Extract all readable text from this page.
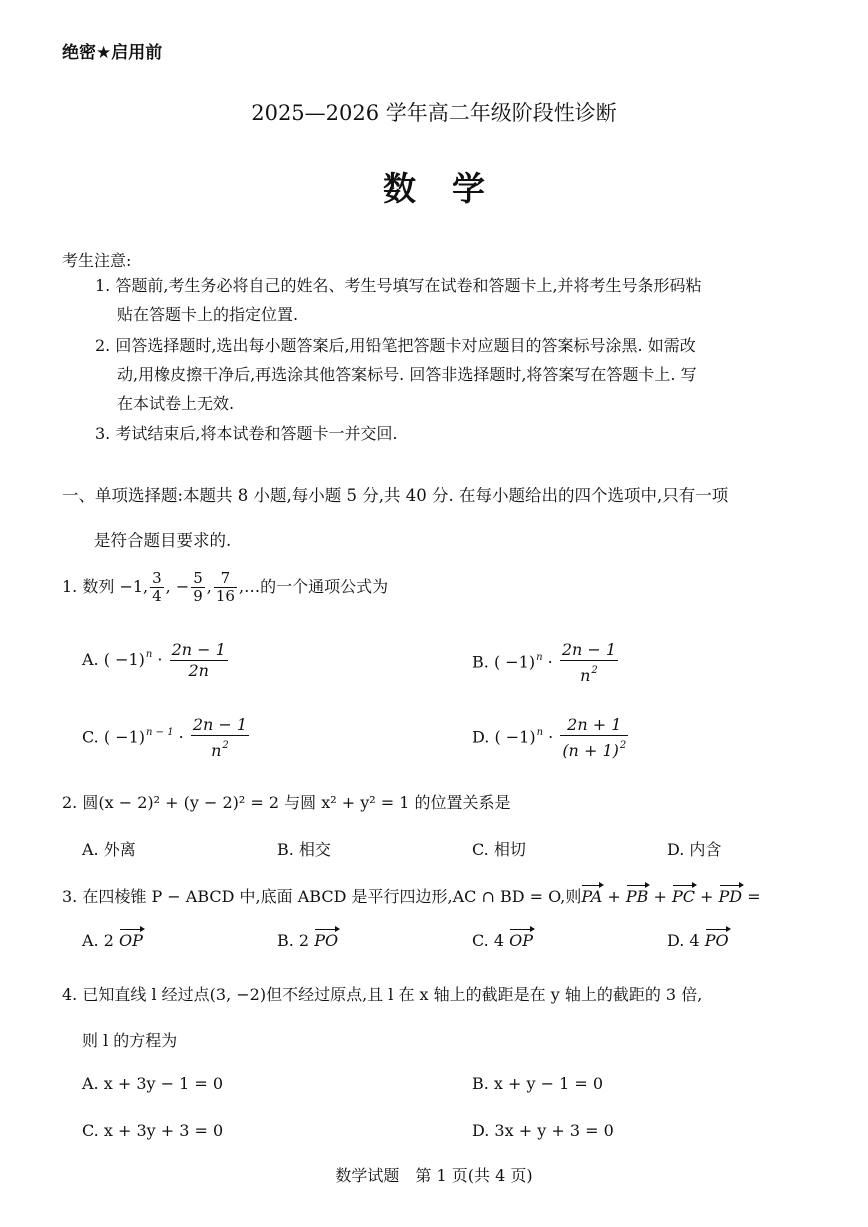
绝密★启用前
2025—2026 学年高二年级阶段性诊断
数学
考生注意:
1. 答题前,考生务必将自己的姓名、考生号填写在试卷和答题卡上,并将考生号条形码粘
贴在答题卡上的指定位置.
2. 回答选择题时,选出每小题答案后,用铅笔把答题卡对应题目的答案标号涂黑. 如需改
动,用橡皮擦干净后,再选涂其他答案标号. 回答非选择题时,将答案写在答题卡上. 写
在本试卷上无效.
3. 考试结束后,将本试卷和答题卡一并交回.
一、单项选择题:本题共 8 小题,每小题 5 分,共 40 分. 在每小题给出的四个选项中,只有一项
是符合题目要求的.
1. 数列 −1, $\frac{3}{4}$ , − $\frac{5}{9}$ , $\frac{7}{16}$ ,…的一个通项公式为
A. ( $-1)^n \cdot \frac{2n - 1}{2n}$	B. ( $-1)^n \cdot \frac{2n - 1}{n^2}$
C. ( $-1)^{n - 1} \cdot \frac{2n - 1}{n^2}$	D. ( $-1)^n \cdot \frac{2n + 1}{(n + 1)^2}$
2. 圆(x − 2)² + (y − 2)² = 2 与圆 x² + y² = 1 的位置关系是
A. 外离	B. 相交	C. 相切	D. 内含
3. 在四棱锥 P − ABCD 中,底面 ABCD 是平行四边形,AC ∩ BD = O,则PA + PB + PC + PD =
A. 2 OP	B. 2 PO	C. 4 OP	D. 4 PO
4. 已知直线 l 经过点(3, −2)但不经过原点,且 l 在 x 轴上的截距是在 y 轴上的截距的 3 倍,
则 l 的方程为
A. x + 3y − 1 = 0	B. x + y − 1 = 0
C. x + 3y + 3 = 0	D. 3x + y + 3 = 0
数学试题　第 1 页(共 4 页)
